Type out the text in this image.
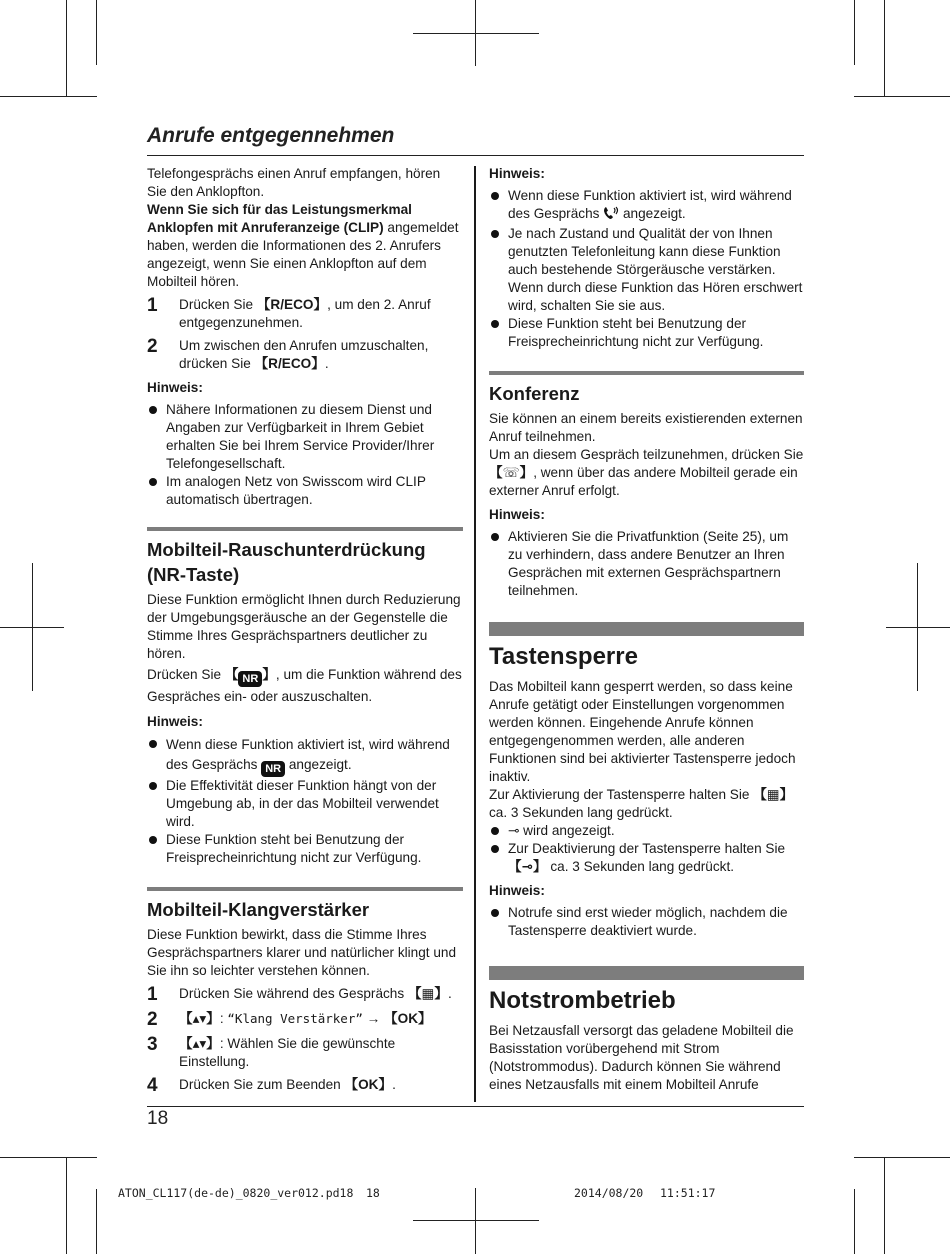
Anrufe entgegennehmen

Telefongesprächs einen Anruf empfangen, hören Sie den Anklopfton.

Wenn Sie sich für das Leistungsmerkmal Anklopfen mit Anruferanzeige (CLIP) angemeldet haben, werden die Informationen des 2. Anrufers angezeigt, wenn Sie einen Anklopfton auf dem Mobilteil hören.

1	Drücken Sie 【R/ECO】, um den 2. Anruf entgegenzunehmen.
2	Um zwischen den Anrufen umzuschalten, drücken Sie 【R/ECO】.

Hinweis:

Nähere Informationen zu diesem Dienst und Angaben zur Verfügbarkeit in Ihrem Gebiet erhalten Sie bei Ihrem Service Provider/Ihrer Telefongesellschaft.
Im analogen Netz von Swisscom wird CLIP automatisch übertragen.
Mobilteil-Rauschunterdrückung (NR-Taste)

Diese Funktion ermöglicht Ihnen durch Reduzierung der Umgebungsgeräusche an der Gegenstelle die Stimme Ihres Gesprächspartners deutlicher zu hören.

Drücken Sie 【 NR 】, um die Funktion während des Gespräches ein- oder auszuschalten.

Hinweis:

Wenn diese Funktion aktiviert ist, wird während des Gesprächs NR angezeigt.
Die Effektivität dieser Funktion hängt von der Umgebung ab, in der das Mobilteil verwendet wird.
Diese Funktion steht bei Benutzung der Freisprecheinrichtung nicht zur Verfügung.
Mobilteil-Klangverstärker

Diese Funktion bewirkt, dass die Stimme Ihres Gesprächspartners klarer und natürlicher klingt und Sie ihn so leichter verstehen können.

1	Drücken Sie während des Gesprächs 【▦】.
2	【▴▾】: “Klang Verstärker” → 【OK】
3	【▴▾】: Wählen Sie die gewünschte Einstellung.
4	Drücken Sie zum Beenden 【OK】.

Hinweis:

Wenn diese Funktion aktiviert ist, wird während des Gesprächs  angezeigt.
Je nach Zustand und Qualität der von Ihnen genutzten Telefonleitung kann diese Funktion auch bestehende Störgeräusche verstärken. Wenn durch diese Funktion das Hören erschwert wird, schalten Sie sie aus.
Diese Funktion steht bei Benutzung der Freisprecheinrichtung nicht zur Verfügung.
Konferenz

Sie können an einem bereits existierenden externen Anruf teilnehmen.

Um an diesem Gespräch teilzunehmen, drücken Sie 【☏】, wenn über das andere Mobilteil gerade ein externer Anruf erfolgt.

Hinweis:

Aktivieren Sie die Privatfunktion (Seite 25), um zu verhindern, dass andere Benutzer an Ihren Gesprächen mit externen Gesprächspartnern teilnehmen.
Tastensperre

Das Mobilteil kann gesperrt werden, so dass keine Anrufe getätigt oder Einstellungen vorgenommen werden können. Eingehende Anrufe können entgegengenommen werden, alle anderen Funktionen sind bei aktivierter Tastensperre jedoch inaktiv.

Zur Aktivierung der Tastensperre halten Sie 【▦】 ca. 3 Sekunden lang gedrückt.

⊸ wird angezeigt.
Zur Deaktivierung der Tastensperre halten Sie 【⊸】 ca. 3 Sekunden lang gedrückt.

Hinweis:

Notrufe sind erst wieder möglich, nachdem die Tastensperre deaktiviert wurde.
Notstrombetrieb

Bei Netzausfall versorgt das geladene Mobilteil die Basisstation vorübergehend mit Strom (Notstrommodus). Dadurch können Sie während eines Netzausfalls mit einem Mobilteil Anrufe

18
ATON_CL117(de-de)_0820_ver012.pd18 18	2014/08/20 11:51:17
